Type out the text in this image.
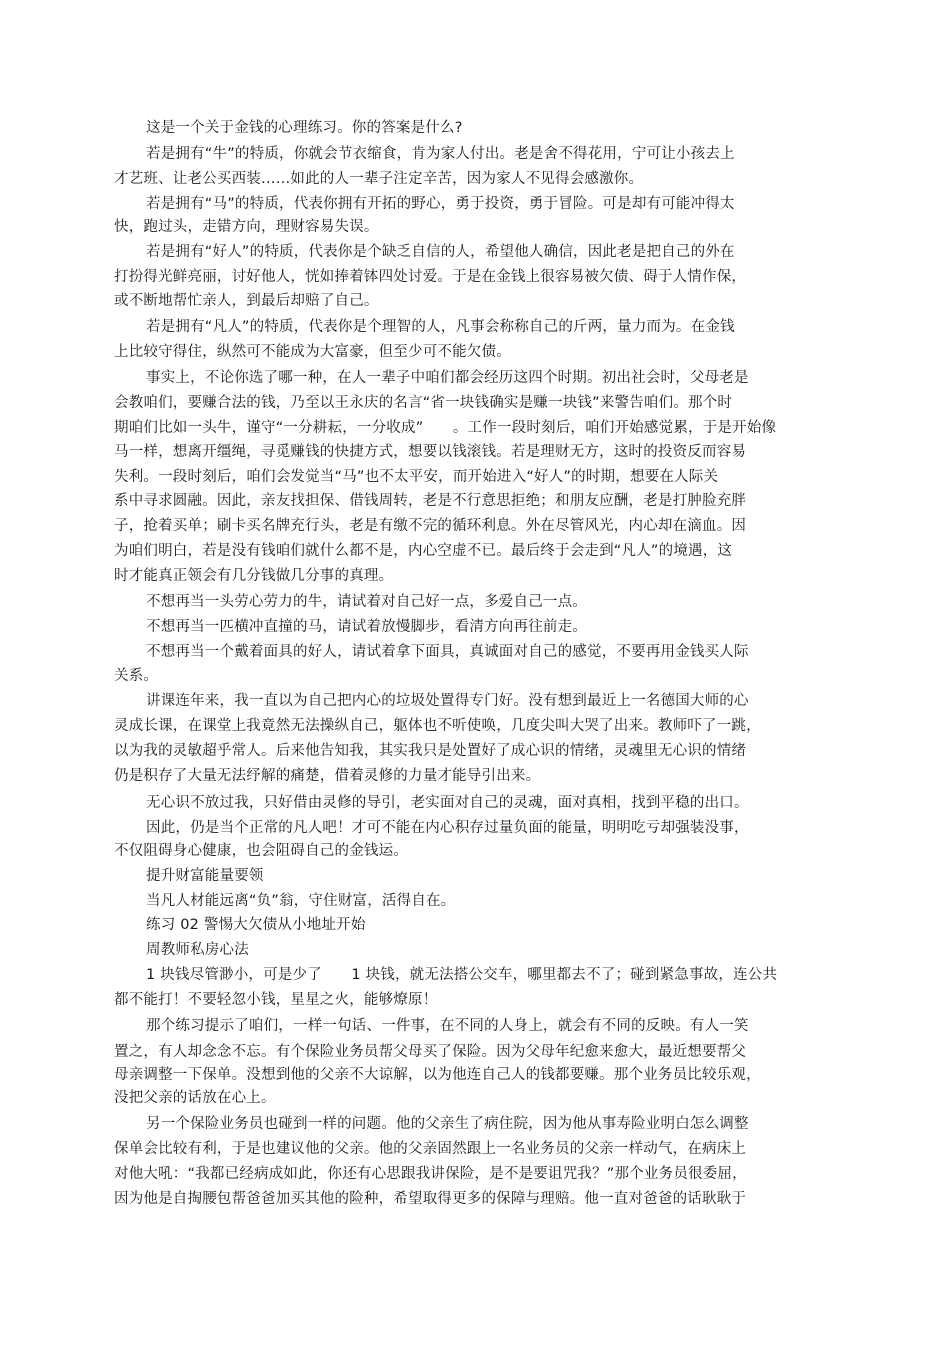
这是一个关于金钱的心理练习。你的答案是什么?
若是拥有“牛”的特质，你就会节衣缩食，肯为家人付出。老是舍不得花用，宁可让小孩去上
才艺班、让老公买西装……如此的人一辈子注定辛苦，因为家人不见得会感激你。
若是拥有“马”的特质，代表你拥有开拓的野心，勇于投资，勇于冒险。可是却有可能冲得太
快，跑过头，走错方向，理财容易失误。
若是拥有“好人”的特质，代表你是个缺乏自信的人，希望他人确信，因此老是把自己的外在
打扮得光鲜亮丽，讨好他人，恍如捧着钵四处讨爱。于是在金钱上很容易被欠债、碍于人情作保，
或不断地帮忙亲人，到最后却赔了自己。
若是拥有“凡人”的特质，代表你是个理智的人，凡事会称称自己的斤两，量力而为。在金钱
上比较守得住，纵然可不能成为大富豪，但至少可不能欠债。
事实上，不论你选了哪一种，在人一辈子中咱们都会经历这四个时期。初出社会时，父母老是
会教咱们，要赚合法的钱，乃至以王永庆的名言“省一块钱确实是赚一块钱”来警告咱们。那个时
期咱们比如一头牛，谨守“一分耕耘，一分收成”　　。工作一段时刻后，咱们开始感觉累，于是开始像
马一样，想离开缰绳，寻觅赚钱的快捷方式，想要以钱滚钱。若是理财无方，这时的投资反而容易
失利。一段时刻后，咱们会发觉当“马”也不太平安，而开始进入“好人”的时期，想要在人际关
系中寻求圆融。因此，亲友找担保、借钱周转，老是不行意思拒绝；和朋友应酬，老是打肿脸充胖
子，抢着买单；刷卡买名牌充行头，老是有缴不完的循环利息。外在尽管风光，内心却在滴血。因
为咱们明白，若是没有钱咱们就什么都不是，内心空虚不已。最后终于会走到“凡人”的境遇，这
时才能真正领会有几分钱做几分事的真理。
不想再当一头劳心劳力的牛，请试着对自己好一点，多爱自己一点。
不想再当一匹横冲直撞的马，请试着放慢脚步，看清方向再往前走。
不想再当一个戴着面具的好人，请试着拿下面具，真诚面对自己的感觉，不要再用金钱买人际
关系。
讲课连年来，我一直以为自己把内心的垃圾处置得专门好。没有想到最近上一名德国大师的心
灵成长课，在课堂上我竟然无法操纵自己，躯体也不听使唤，几度尖叫大哭了出来。教师吓了一跳，
以为我的灵敏超乎常人。后来他告知我，其实我只是处置好了成心识的情绪，灵魂里无心识的情绪
仍是积存了大量无法纾解的痛楚，借着灵修的力量才能导引出来。
无心识不放过我，只好借由灵修的导引，老实面对自己的灵魂，面对真相，找到平稳的出口。
因此，仍是当个正常的凡人吧！才可不能在内心积存过量负面的能量，明明吃亏却强装没事，
不仅阻碍身心健康，也会阻碍自己的金钱运。
提升财富能量要领
当凡人材能远离“负”翁，守住财富，活得自在。
练习 02 警惕大欠债从小地址开始
周教师私房心法
1 块钱尽管渺小，可是少了　　1 块钱，就无法搭公交车，哪里都去不了；碰到紧急事故，连公共
都不能打！不要轻忽小钱，星星之火，能够燎原！
那个练习提示了咱们，一样一句话、一件事，在不同的人身上，就会有不同的反映。有人一笑
置之，有人却念念不忘。有个保险业务员帮父母买了保险。因为父母年纪愈来愈大，最近想要帮父
母亲调整一下保单。没想到他的父亲不大谅解，以为他连自己人的钱都要赚。那个业务员比较乐观，
没把父亲的话放在心上。
另一个保险业务员也碰到一样的问题。他的父亲生了病住院，因为他从事寿险业明白怎么调整
保单会比较有利，于是也建议他的父亲。他的父亲固然跟上一名业务员的父亲一样动气，在病床上
对他大吼：“我都已经病成如此，你还有心思跟我讲保险，是不是要诅咒我？”那个业务员很委屈，
因为他是自掏腰包帮爸爸加买其他的险种，希望取得更多的保障与理赔。他一直对爸爸的话耿耿于
